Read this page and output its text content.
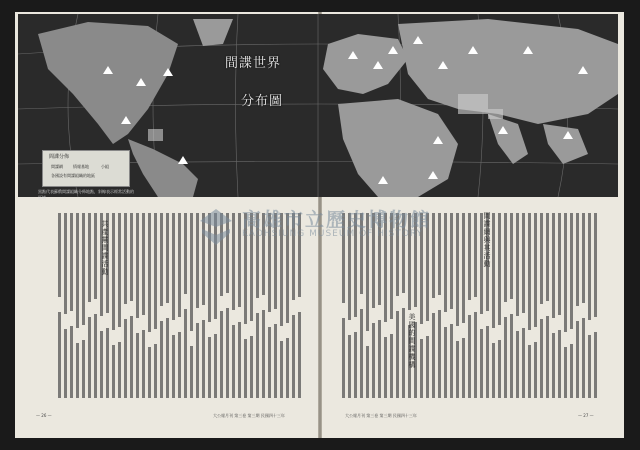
間諜世界
分布圖
間諜分佈
間諜網	情報基地	小組
各國設有間諜組織的地區
黑點代表蘇俄間諜組織分佈地點，斜線表示經常活動的區域
共產黨間諜活動	間諜網與其活動
美國的間諜機構
高雄市立歷史博物館
KAOHSIUNG MUSEUM OF HISTORY
大公報月刊 第三卷 第三期 民國四十三年	大公報月刊 第三卷 第三期 民國四十三年
— 26 —	— 27 —
